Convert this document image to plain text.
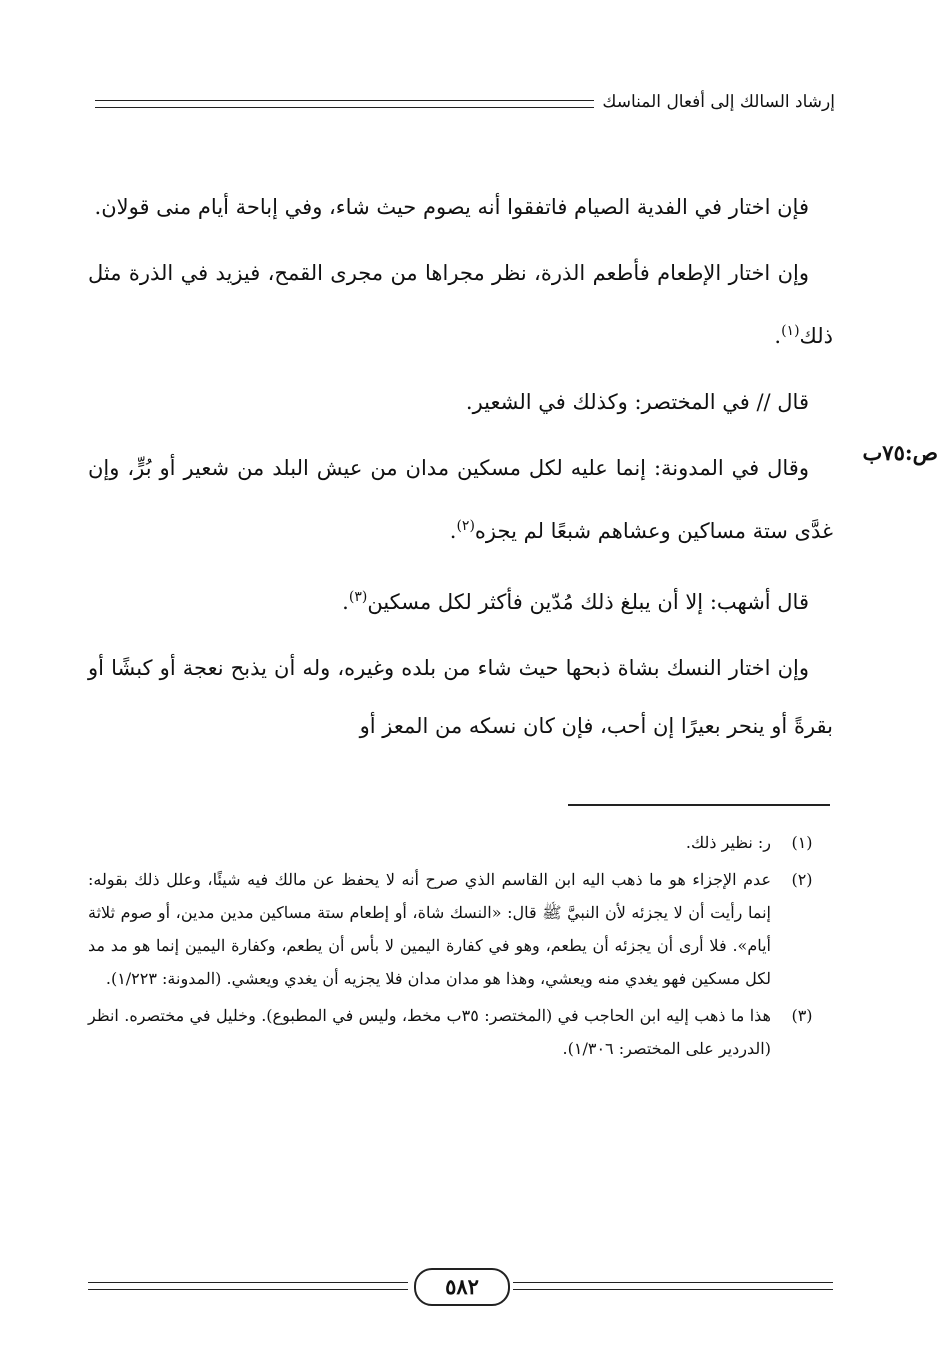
إرشاد السالك إلى أفعال المناسك
ص:٧٥ب

فإن اختار في الفدية الصيام فاتفقوا أنه يصوم حيث شاء، وفي إباحة أيام منى قولان.

وإن اختار الإطعام فأطعم الذرة، نظر مجراها من مجرى القمح، فيزيد في الذرة مثل ذلك$^{(١)}$.

قال // في المختصر: وكذلك في الشعير.

وقال في المدونة: إنما عليه لكل مسكين مدان من عيش البلد من شعير أو بُرٍّ، وإن غدَّى ستة مساكين وعشاهم شبعًا لم يجزه$^{(٢)}$.

قال أشهب: إلا أن يبلغ ذلك مُدّين فأكثر لكل مسكين$^{(٣)}$.

وإن اختار النسك بشاة ذبحها حيث شاء من بلده وغيره، وله أن يذبح نعجة أو كبشًا أو بقرةً أو ينحر بعيرًا إن أحب، فإن كان نسكه من المعز أو

(١)
ر: نظير ذلك.
(٢)
عدم الإجزاء هو ما ذهب اليه ابن القاسم الذي صرح أنه لا يحفظ عن مالك فيه شيئًا، وعلل ذلك بقوله: إنما رأيت أن لا يجزئه لأن النبيَّ ﷺ قال: «النسك شاة، أو إطعام ستة مساكين مدين مدين، أو صوم ثلاثة أيام». فلا أرى أن يجزئه أن يطعم، وهو في كفارة اليمين لا بأس أن يطعم، وكفارة اليمين إنما هو مد مد لكل مسكين فهو يغدي منه ويعشي، وهذا هو مدان مدان فلا يجزيه أن يغدي ويعشي. (المدونة: ١/٢٢٣).
(٣)
هذا ما ذهب إليه ابن الحاجب في (المختصر: ٣٥ب مخط، وليس في المطبوع). وخليل في مختصره. انظر (الدردير على المختصر: ١/٣٠٦).
٥٨٢
